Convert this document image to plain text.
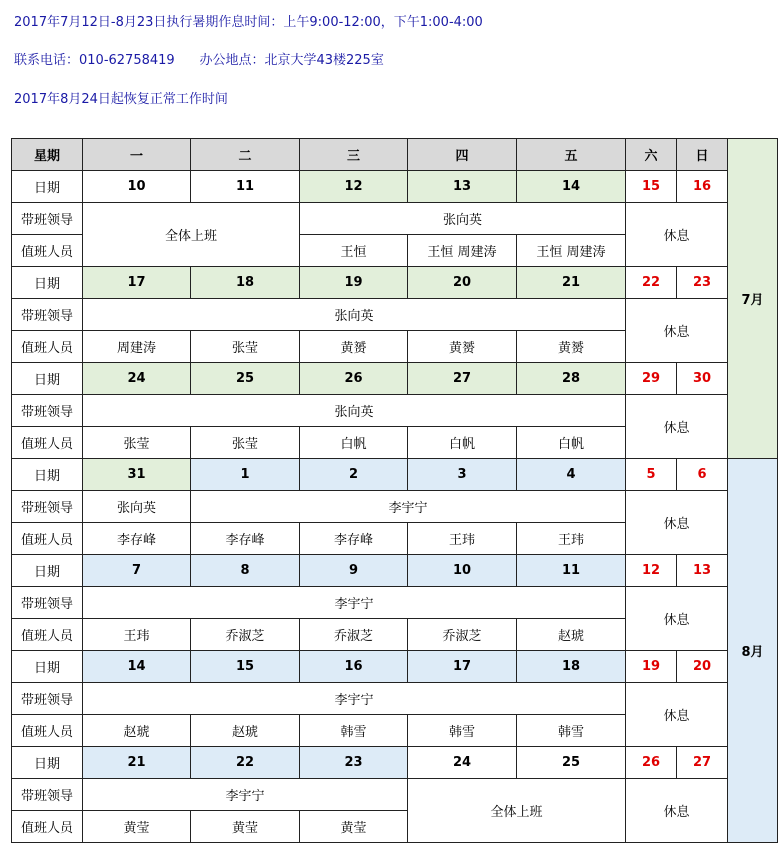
2017年7月12日-8月23日执行暑期作息时间：上午9:00-12:00，下午1:00-4:00
联系电话：010-62758419      办公地点：北京大学43楼225室
2017年8月24日起恢复正常工作时间
星期	一	二	三	四	五	六	日	7月
日期	10	11	12	13	14	15	16	
带班领导	全体上班		张向英			休息		
值班人员			王恒	王恒 周建涛	王恒 周建涛			
日期	17	18	19	20	21	22	23	
带班领导	张向英					休息		
值班人员	周建涛	张莹	黄赟	黄赟	黄赟			
日期	24	25	26	27	28	29	30	
带班领导	张向英					休息		
值班人员	张莹	张莹	白帆	白帆	白帆			
日期	31	1	2	3	4	5	6	8月
带班领导	张向英	李宇宁				休息		
值班人员	李存峰	李存峰	李存峰	王玮	王玮			
日期	7	8	9	10	11	12	13	
带班领导	李宇宁					休息		
值班人员	王玮	乔淑芝	乔淑芝	乔淑芝	赵琥			
日期	14	15	16	17	18	19	20	
带班领导	李宇宁					休息		
值班人员	赵琥	赵琥	韩雪	韩雪	韩雪			
日期	21	22	23	24	25	26	27	
带班领导	李宇宁			全体上班		休息		
值班人员	黄莹	黄莹	黄莹					
